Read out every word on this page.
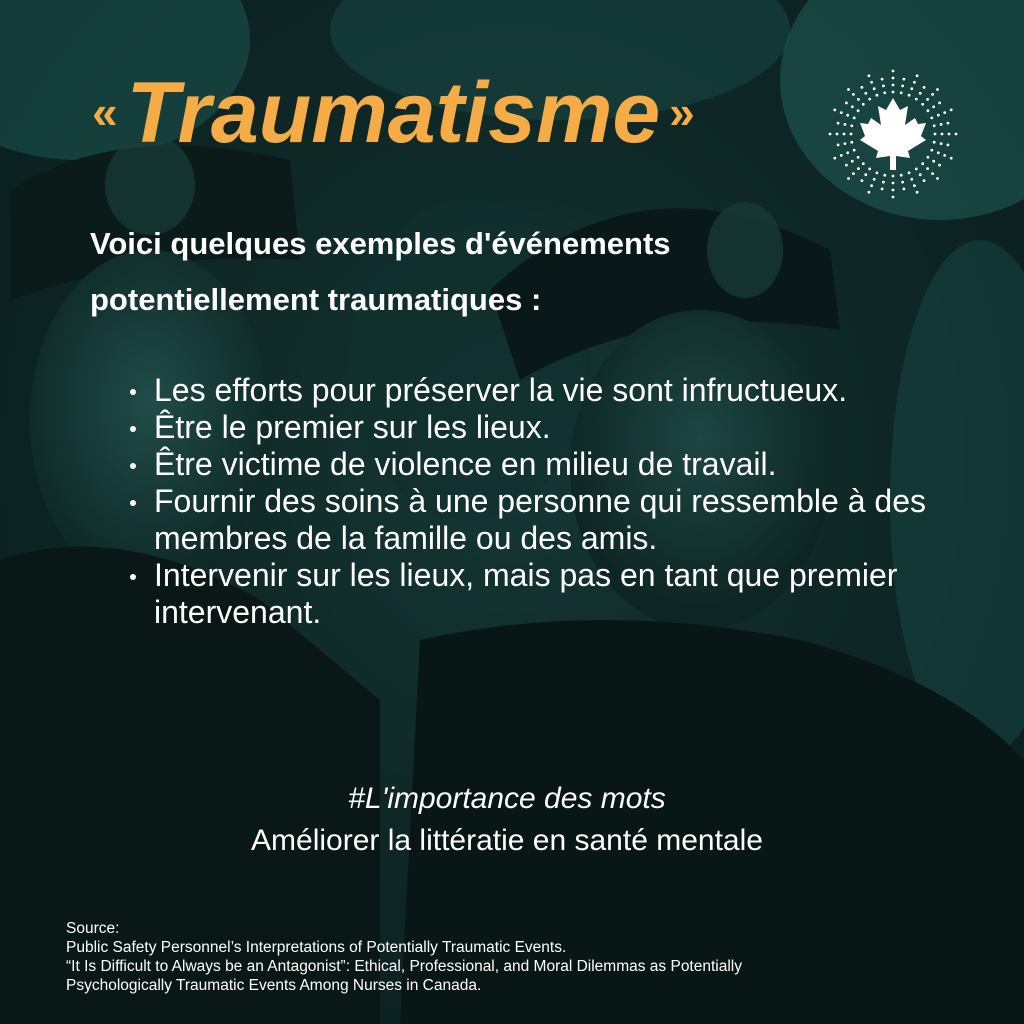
« Traumatisme »

Voici quelques exemples d'événements potentiellement traumatiques :

Les efforts pour préserver la vie sont infructueux.
Être le premier sur les lieux.
Être victime de violence en milieu de travail.
Fournir des soins à une personne qui ressemble à des membres de la famille ou des amis.
Intervenir sur les lieux, mais pas en tant que premier intervenant.
#L'importance des mots
Améliorer la littératie en santé mentale
Source:
Public Safety Personnel’s Interpretations of Potentially Traumatic Events.
“It Is Difficult to Always be an Antagonist”: Ethical, Professional, and Moral Dilemmas as Potentially
Psychologically Traumatic Events Among Nurses in Canada.
